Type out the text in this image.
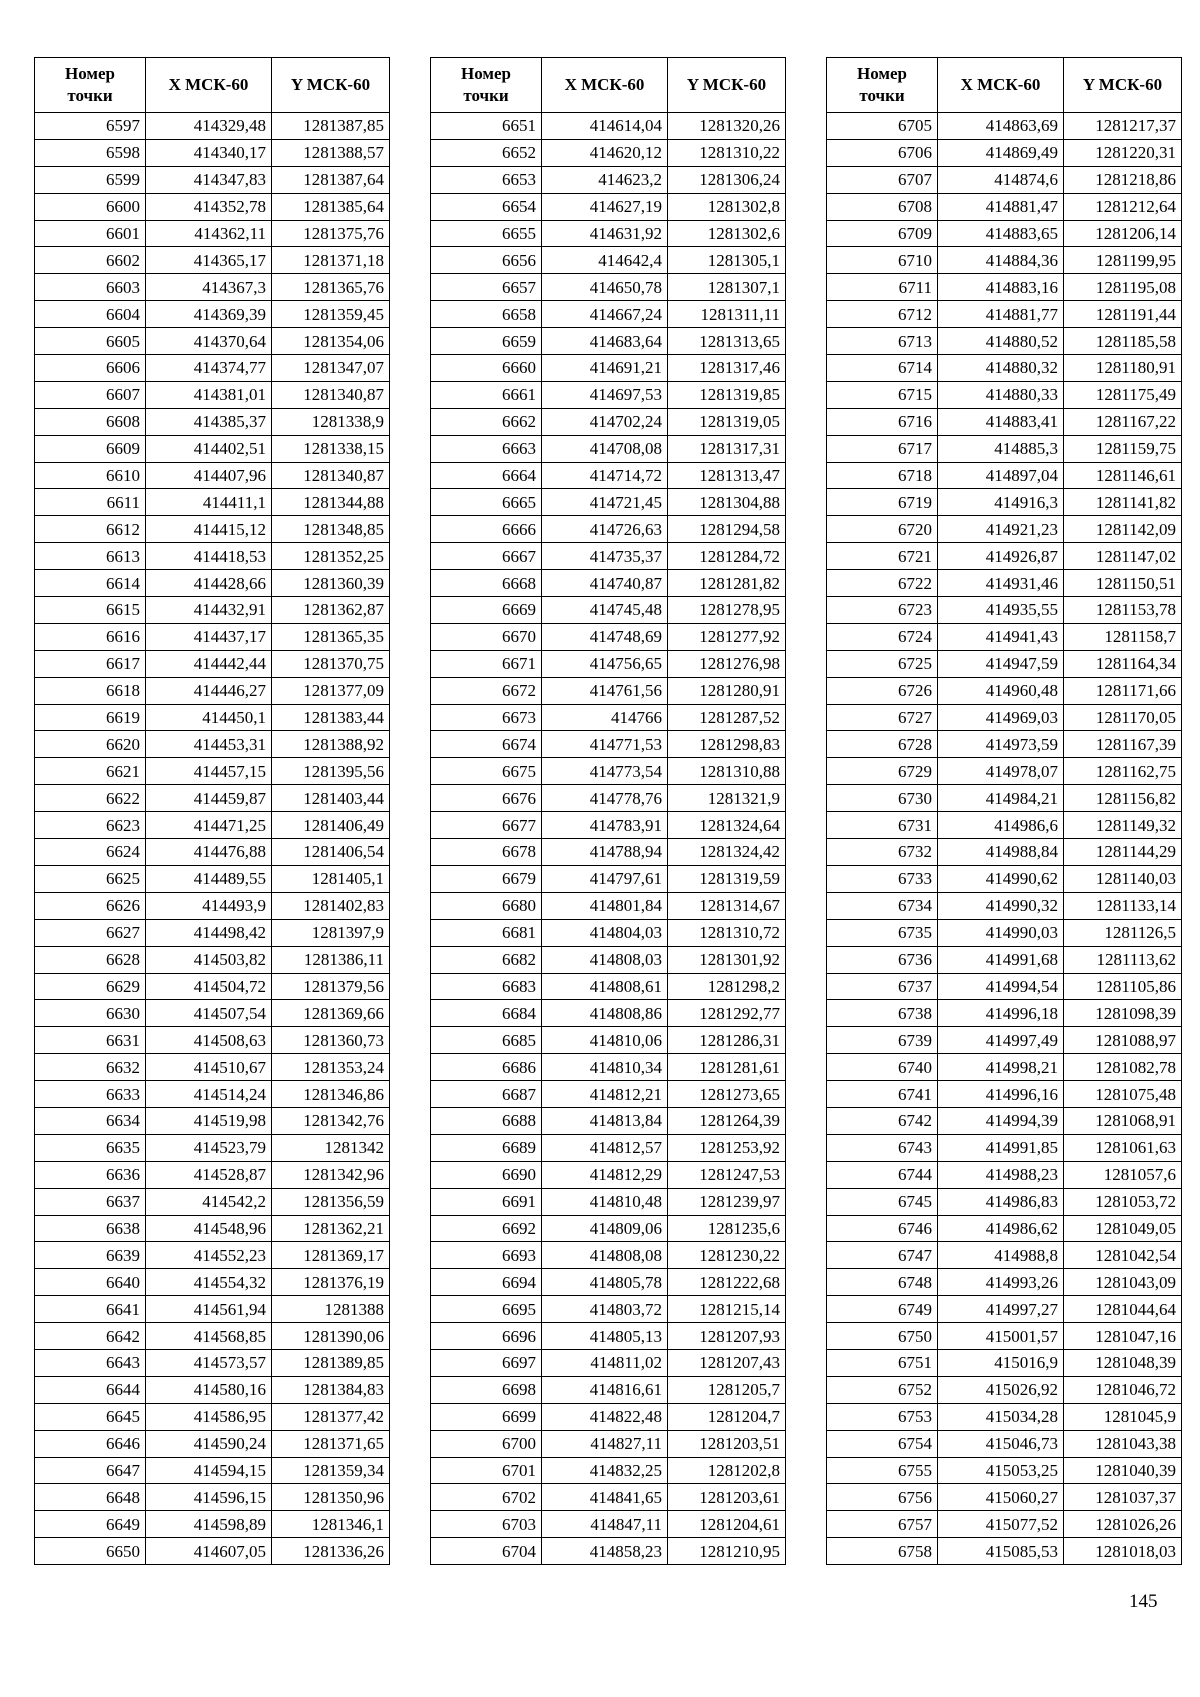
Номер точки	X МСК-60	Y МСК-60
6597	414329,48	1281387,85
6598	414340,17	1281388,57
6599	414347,83	1281387,64
6600	414352,78	1281385,64
6601	414362,11	1281375,76
6602	414365,17	1281371,18
6603	414367,3	1281365,76
6604	414369,39	1281359,45
6605	414370,64	1281354,06
6606	414374,77	1281347,07
6607	414381,01	1281340,87
6608	414385,37	1281338,9
6609	414402,51	1281338,15
6610	414407,96	1281340,87
6611	414411,1	1281344,88
6612	414415,12	1281348,85
6613	414418,53	1281352,25
6614	414428,66	1281360,39
6615	414432,91	1281362,87
6616	414437,17	1281365,35
6617	414442,44	1281370,75
6618	414446,27	1281377,09
6619	414450,1	1281383,44
6620	414453,31	1281388,92
6621	414457,15	1281395,56
6622	414459,87	1281403,44
6623	414471,25	1281406,49
6624	414476,88	1281406,54
6625	414489,55	1281405,1
6626	414493,9	1281402,83
6627	414498,42	1281397,9
6628	414503,82	1281386,11
6629	414504,72	1281379,56
6630	414507,54	1281369,66
6631	414508,63	1281360,73
6632	414510,67	1281353,24
6633	414514,24	1281346,86
6634	414519,98	1281342,76
6635	414523,79	1281342
6636	414528,87	1281342,96
6637	414542,2	1281356,59
6638	414548,96	1281362,21
6639	414552,23	1281369,17
6640	414554,32	1281376,19
6641	414561,94	1281388
6642	414568,85	1281390,06
6643	414573,57	1281389,85
6644	414580,16	1281384,83
6645	414586,95	1281377,42
6646	414590,24	1281371,65
6647	414594,15	1281359,34
6648	414596,15	1281350,96
6649	414598,89	1281346,1
6650	414607,05	1281336,26
Номер точки	X МСК-60	Y МСК-60
6651	414614,04	1281320,26
6652	414620,12	1281310,22
6653	414623,2	1281306,24
6654	414627,19	1281302,8
6655	414631,92	1281302,6
6656	414642,4	1281305,1
6657	414650,78	1281307,1
6658	414667,24	1281311,11
6659	414683,64	1281313,65
6660	414691,21	1281317,46
6661	414697,53	1281319,85
6662	414702,24	1281319,05
6663	414708,08	1281317,31
6664	414714,72	1281313,47
6665	414721,45	1281304,88
6666	414726,63	1281294,58
6667	414735,37	1281284,72
6668	414740,87	1281281,82
6669	414745,48	1281278,95
6670	414748,69	1281277,92
6671	414756,65	1281276,98
6672	414761,56	1281280,91
6673	414766	1281287,52
6674	414771,53	1281298,83
6675	414773,54	1281310,88
6676	414778,76	1281321,9
6677	414783,91	1281324,64
6678	414788,94	1281324,42
6679	414797,61	1281319,59
6680	414801,84	1281314,67
6681	414804,03	1281310,72
6682	414808,03	1281301,92
6683	414808,61	1281298,2
6684	414808,86	1281292,77
6685	414810,06	1281286,31
6686	414810,34	1281281,61
6687	414812,21	1281273,65
6688	414813,84	1281264,39
6689	414812,57	1281253,92
6690	414812,29	1281247,53
6691	414810,48	1281239,97
6692	414809,06	1281235,6
6693	414808,08	1281230,22
6694	414805,78	1281222,68
6695	414803,72	1281215,14
6696	414805,13	1281207,93
6697	414811,02	1281207,43
6698	414816,61	1281205,7
6699	414822,48	1281204,7
6700	414827,11	1281203,51
6701	414832,25	1281202,8
6702	414841,65	1281203,61
6703	414847,11	1281204,61
6704	414858,23	1281210,95
Номер точки	X МСК-60	Y МСК-60
6705	414863,69	1281217,37
6706	414869,49	1281220,31
6707	414874,6	1281218,86
6708	414881,47	1281212,64
6709	414883,65	1281206,14
6710	414884,36	1281199,95
6711	414883,16	1281195,08
6712	414881,77	1281191,44
6713	414880,52	1281185,58
6714	414880,32	1281180,91
6715	414880,33	1281175,49
6716	414883,41	1281167,22
6717	414885,3	1281159,75
6718	414897,04	1281146,61
6719	414916,3	1281141,82
6720	414921,23	1281142,09
6721	414926,87	1281147,02
6722	414931,46	1281150,51
6723	414935,55	1281153,78
6724	414941,43	1281158,7
6725	414947,59	1281164,34
6726	414960,48	1281171,66
6727	414969,03	1281170,05
6728	414973,59	1281167,39
6729	414978,07	1281162,75
6730	414984,21	1281156,82
6731	414986,6	1281149,32
6732	414988,84	1281144,29
6733	414990,62	1281140,03
6734	414990,32	1281133,14
6735	414990,03	1281126,5
6736	414991,68	1281113,62
6737	414994,54	1281105,86
6738	414996,18	1281098,39
6739	414997,49	1281088,97
6740	414998,21	1281082,78
6741	414996,16	1281075,48
6742	414994,39	1281068,91
6743	414991,85	1281061,63
6744	414988,23	1281057,6
6745	414986,83	1281053,72
6746	414986,62	1281049,05
6747	414988,8	1281042,54
6748	414993,26	1281043,09
6749	414997,27	1281044,64
6750	415001,57	1281047,16
6751	415016,9	1281048,39
6752	415026,92	1281046,72
6753	415034,28	1281045,9
6754	415046,73	1281043,38
6755	415053,25	1281040,39
6756	415060,27	1281037,37
6757	415077,52	1281026,26
6758	415085,53	1281018,03
145
